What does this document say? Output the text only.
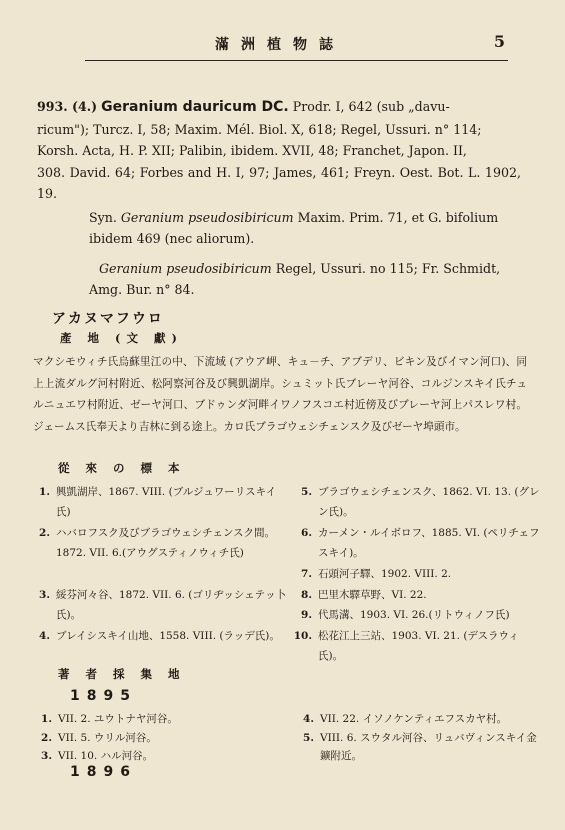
滿洲植物誌	5

993. (4.) Geranium dauricum DC. Prodr. I, 642 (sub „davu-

ricum"); Turcz. I, 58; Maxim. Mél. Biol. X, 618; Regel, Ussuri. n° 114;

Korsh. Acta, H. P. XII; Palibin, ibidem. XVII, 48; Franchet, Japon. II,

308. David. 64; Forbes and H. I, 97; James, 461; Freyn. Oest. Bot. L. 1902, 19.

Syn. Geranium pseudosibiricum Maxim. Prim. 71, et G. bifolium
ibidem 469 (nec aliorum).

Geranium pseudosibiricum Regel, Ussuri. no 115; Fr. Schmidt,
Amg. Bur. n° 84.

アカヌマフウロ
產 地 (文 獻)

マクシモウィチ氏烏蘇里江の中、下流域 (アウア岬、キュ－チ、アブデリ、ビキン及びイマン河口)、同上上流ダルグ河村附近、松阿察河谷及び興凱湖岸。シュミット氏ブレーヤ河谷、コルジンスキイ氏チュルニュエワ村附近、ゼーヤ河口、ブドゥンダ河畔イワノフスコエ村近傍及びブレーヤ河上パスレワ村。ジェームス氏奉天より吉林に到る途上。カロ氏ブラゴウェシチェンスク及びゼーヤ埠頭市。

從 來 の 標 本
1. 興凱湖岸、1867. VIII. (ブルジュワーリスキイ氏)
2. ハバロフスク及びブラゴウェシチェンスク間。1872. VII. 6.(アウグスティノウィチ氏)
3. 綏芬河々谷、1872. VII. 6. (ゴリヂッシェテッ卜氏)。
4. ブレイシスキイ山地、1558. VIII. (ラッデ氏)。
5. ブラゴウェシチェンスク、1862. VI. 13. (グレン氏)。
6. カーメン・ルイボロフ、1885. VI. (ペリチェフスキイ)。
7. 石頭河子驛、1902. VIII. 2.
8. 巴里木驛草野、VI. 22.
9. 代馬溝、1903. VI. 26.(リトウィノフ氏)
10. 松花江上三站、1903. VI. 21. (デスラウィ氏)。
著 者 採 集 地
1895
1. VII. 2. ユウトナヤ河谷。
2. VII. 5. ウリル河谷。
3. VII. 10. ハル河谷。
4. VII. 22. イソノケンティエフスカヤ村。
5. VIII. 6. スウタル河谷、リュバヴィンスキイ金鑛附近。
1896
